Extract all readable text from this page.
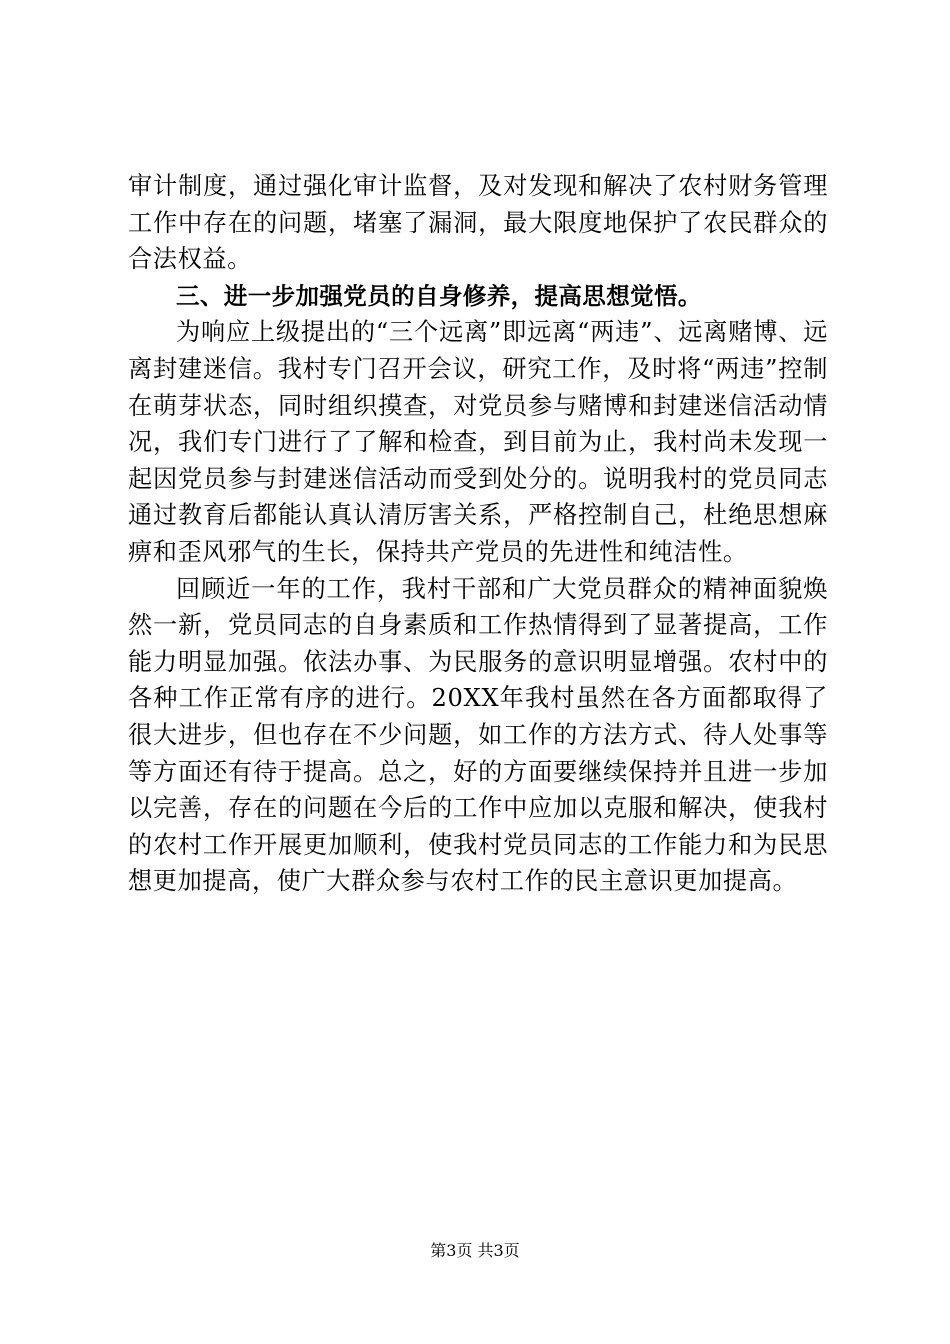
审计制度，通过强化审计监督，及对发现和解决了农村财务管理工作中存在的问题，堵塞了漏洞，最大限度地保护了农民群众的合法权益。

三、进一步加强党员的自身修养，提高思想觉悟。

为响应上级提出的“三个远离”即远离“两违”、远离赌博、远离封建迷信。我村专门召开会议，研究工作，及时将“两违”控制在萌芽状态，同时组织摸查，对党员参与赌博和封建迷信活动情况，我们专门进行了了解和检查，到目前为止，我村尚未发现一起因党员参与封建迷信活动而受到处分的。说明我村的党员同志通过教育后都能认真认清厉害关系，严格控制自己，杜绝思想麻痹和歪风邪气的生长，保持共产党员的先进性和纯洁性。

回顾近一年的工作，我村干部和广大党员群众的精神面貌焕然一新，党员同志的自身素质和工作热情得到了显著提高，工作能力明显加强。依法办事、为民服务的意识明显增强。农村中的各种工作正常有序的进行。20XX年我村虽然在各方面都取得了很大进步，但也存在不少问题，如工作的方法方式、待人处事等等方面还有待于提高。总之，好的方面要继续保持并且进一步加以完善，存在的问题在今后的工作中应加以克服和解决，使我村的农村工作开展更加顺利，使我村党员同志的工作能力和为民思想更加提高，使广大群众参与农村工作的民主意识更加提高。

第3页 共3页
